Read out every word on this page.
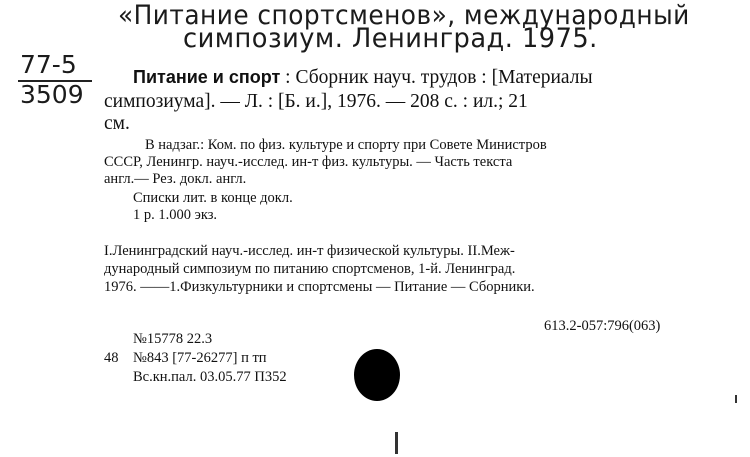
«Питание спортсменов», международный
симпозиум. Ленинград. 1975.
77-5
3509
Питание и спорт : Сборник науч. трудов : [Материалы
симпозиума]. — Л. : [Б. и.], 1976. — 208 с. : ил.; 21
см.
В надзаг.: Ком. по физ. культуре и спорту при Совете Министров
СССР, Ленингр. науч.-исслед. ин-т физ. культуры. — Часть текста
англ.— Рез. докл. англ.
Списки лит. в конце докл.
1 р. 1.000 экз.
I.Ленинградский науч.-исслед. ин-т физической культуры. II.Меж-
дународный симпозиум по питанию спортсменов, 1-й. Ленинград.
1976. ——1.Физкультурники и спортсмены — Питание — Сборники.
613.2-057:796(063)
№15778 22.3
48 №843 [77-26277] п тп
Вс.кн.пал. 03.05.77 П352
